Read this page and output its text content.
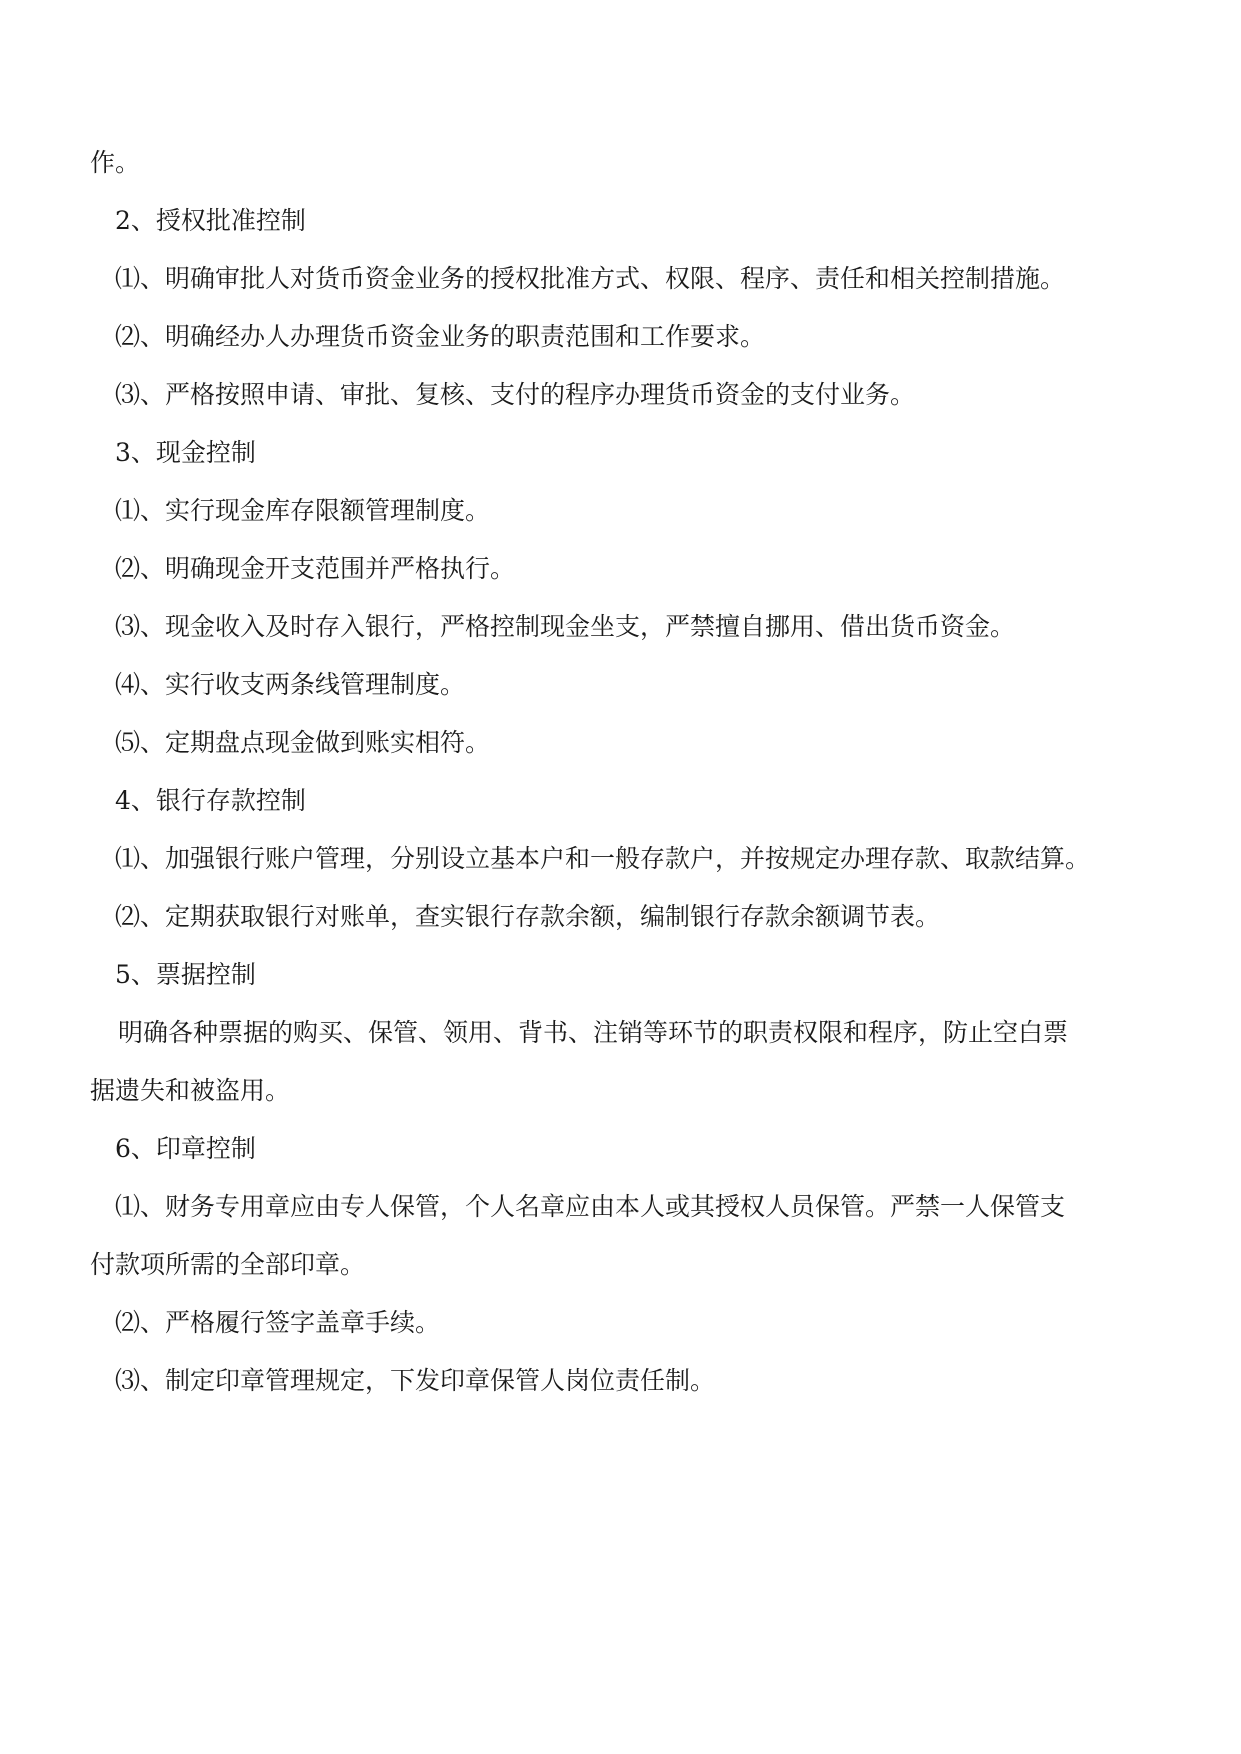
作。
2、授权批准控制
⑴、明确审批人对货币资金业务的授权批准方式、权限、程序、责任和相关控制措施。
⑵、明确经办人办理货币资金业务的职责范围和工作要求。
⑶、严格按照申请、审批、复核、支付的程序办理货币资金的支付业务。
3、现金控制
⑴、实行现金库存限额管理制度。
⑵、明确现金开支范围并严格执行。
⑶、现金收入及时存入银行，严格控制现金坐支，严禁擅自挪用、借出货币资金。
⑷、实行收支两条线管理制度。
⑸、定期盘点现金做到账实相符。
4、银行存款控制
⑴、加强银行账户管理，分别设立基本户和一般存款户，并按规定办理存款、取款结算。
⑵、定期获取银行对账单，查实银行存款余额，编制银行存款余额调节表。
5、票据控制
明确各种票据的购买、保管、领用、背书、注销等环节的职责权限和程序，防止空白票
据遗失和被盗用。
6、印章控制
⑴、财务专用章应由专人保管，个人名章应由本人或其授权人员保管。严禁一人保管支
付款项所需的全部印章。
⑵、严格履行签字盖章手续。
⑶、制定印章管理规定，下发印章保管人岗位责任制。
